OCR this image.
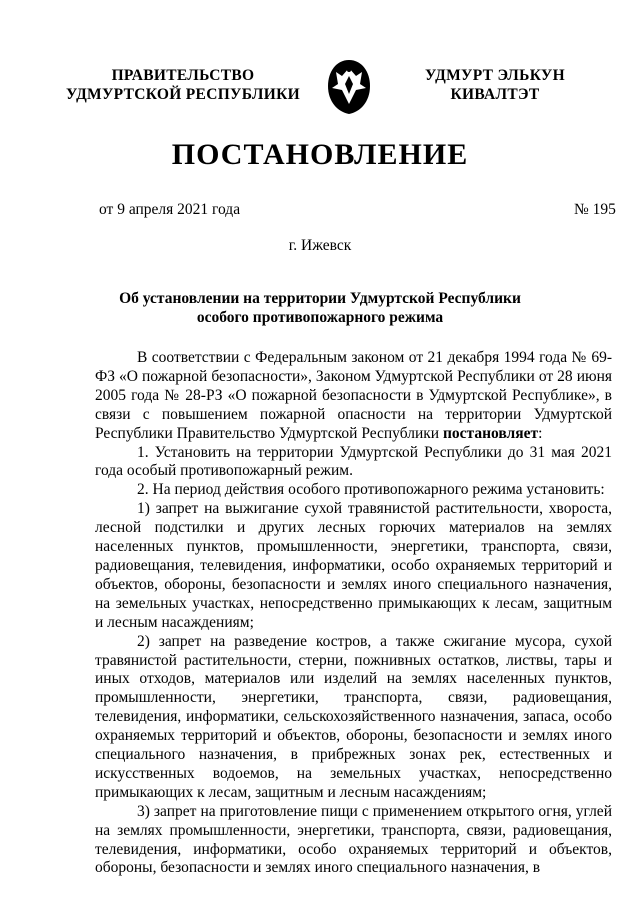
ПРАВИТЕЛЬСТВО
УДМУРТСКОЙ РЕСПУБЛИКИ
УДМУРТ ЭЛЬКУН
КИВАЛТЭТ
ПОСТАНОВЛЕНИЕ
от 9 апреля 2021 года	№ 195
г. Ижевск
Об установлении на территории Удмуртской Республики
особого противопожарного режима

В соответствии с Федеральным законом от 21 декабря 1994 года № 69-ФЗ «О пожарной безопасности», Законом Удмуртской Республики от 28 июня 2005 года № 28-РЗ «О пожарной безопасности в Удмуртской Республике», в связи с повышением пожарной опасности на территории Удмуртской Республики Правительство Удмуртской Республики постановляет:

1. Установить на территории Удмуртской Республики до 31 мая 2021 года особый противопожарный режим.

2. На период действия особого противопожарного режима установить:

1) запрет на выжигание сухой травянистой растительности, хвороста, лесной подстилки и других лесных горючих материалов на землях населенных пунктов, промышленности, энергетики, транспорта, связи, радиовещания, телевидения, информатики, особо охраняемых территорий и объектов, обороны, безопасности и землях иного специального назначения, на земельных участках, непосредственно примыкающих к лесам, защитным и лесным насаждениям;

2) запрет на разведение костров, а также сжигание мусора, сухой травянистой растительности, стерни, пожнивных остатков, листвы, тары и иных отходов, материалов или изделий на землях населенных пунктов, промышленности, энергетики, транспорта, связи, радиовещания, телевидения, информатики, сельскохозяйственного назначения, запаса, особо охраняемых территорий и объектов, обороны, безопасности и землях иного специального назначения, в прибрежных зонах рек, естественных и искусственных водоемов, на земельных участках, непосредственно примыкающих к лесам, защитным и лесным насаждениям;

3) запрет на приготовление пищи с применением открытого огня, углей на землях промышленности, энергетики, транспорта, связи, радиовещания, телевидения, информатики, особо охраняемых территорий и объектов, обороны, безопасности и землях иного специального назначения, в
